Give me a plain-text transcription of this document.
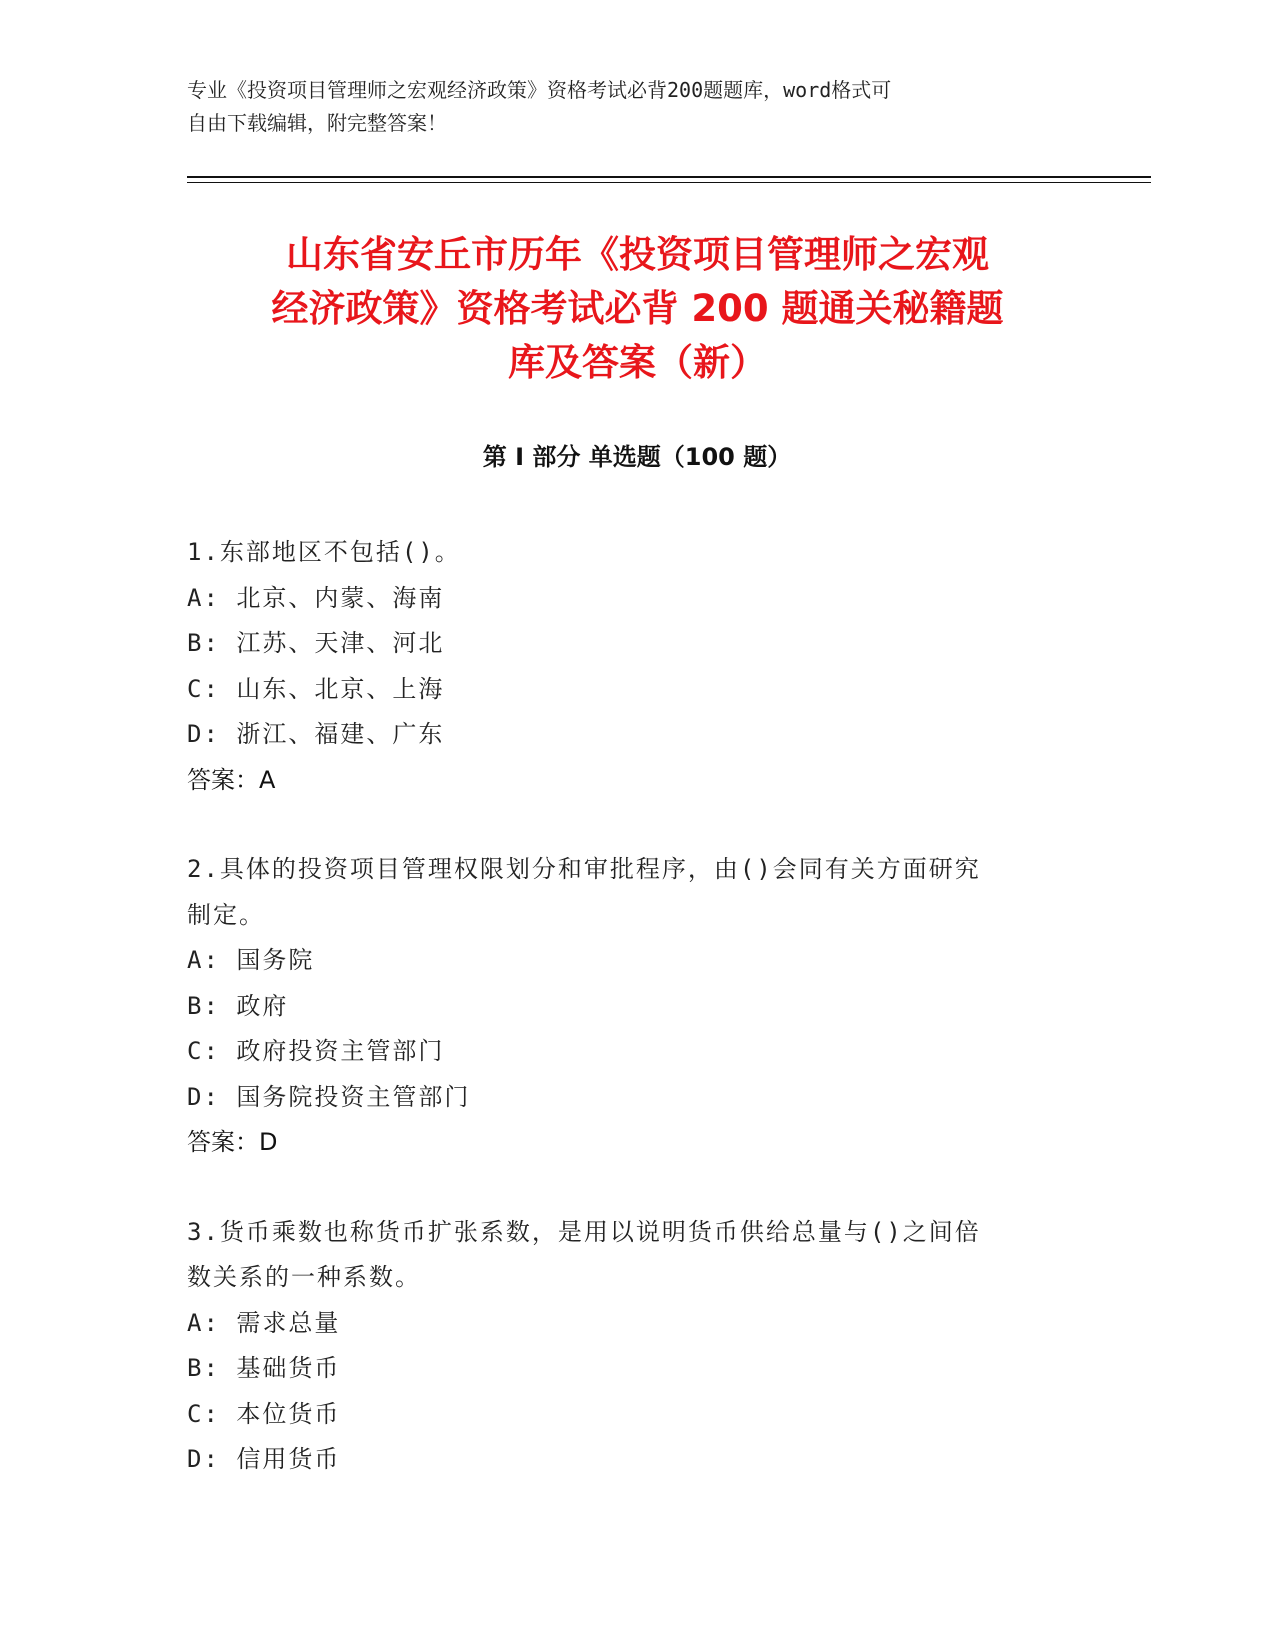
专业《投资项目管理师之宏观经济政策》资格考试必背200题题库，word格式可
自由下载编辑，附完整答案！
山东省安丘市历年《投资项目管理师之宏观
经济政策》资格考试必背 200 题通关秘籍题
库及答案（新）
第 I 部分 单选题（100 题）
1.东部地区不包括()。
A: 北京、内蒙、海南
B: 江苏、天津、河北
C: 山东、北京、上海
D: 浙江、福建、广东
答案：A
2.具体的投资项目管理权限划分和审批程序，由()会同有关方面研究
制定。
A: 国务院
B: 政府
C: 政府投资主管部门
D: 国务院投资主管部门
答案：D
3.货币乘数也称货币扩张系数，是用以说明货币供给总量与()之间倍
数关系的一种系数。
A: 需求总量
B: 基础货币
C: 本位货币
D: 信用货币
